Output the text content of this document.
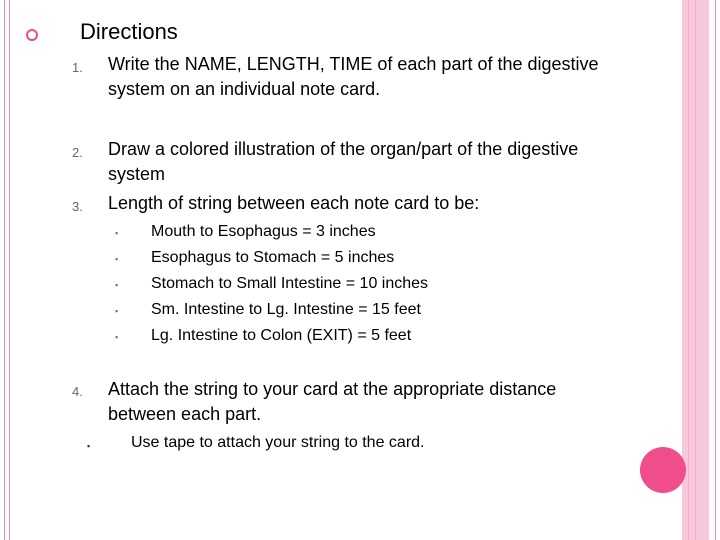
Directions
1. Write the NAME, LENGTH, TIME of each part of the digestive system on an individual note card.
2. Draw a colored illustration of the organ/part of the digestive system
3. Length of string between each note card to be:
▪ Mouth to Esophagus = 3 inches
▪ Esophagus to Stomach = 5 inches
▪ Stomach to Small Intestine = 10 inches
▪ Sm. Intestine to Lg. Intestine = 15 feet
▪ Lg. Intestine to Colon (EXIT) = 5 feet
4. Attach the string to your card at the appropriate distance between each part.
▪	Use tape to attach your string to the card.
